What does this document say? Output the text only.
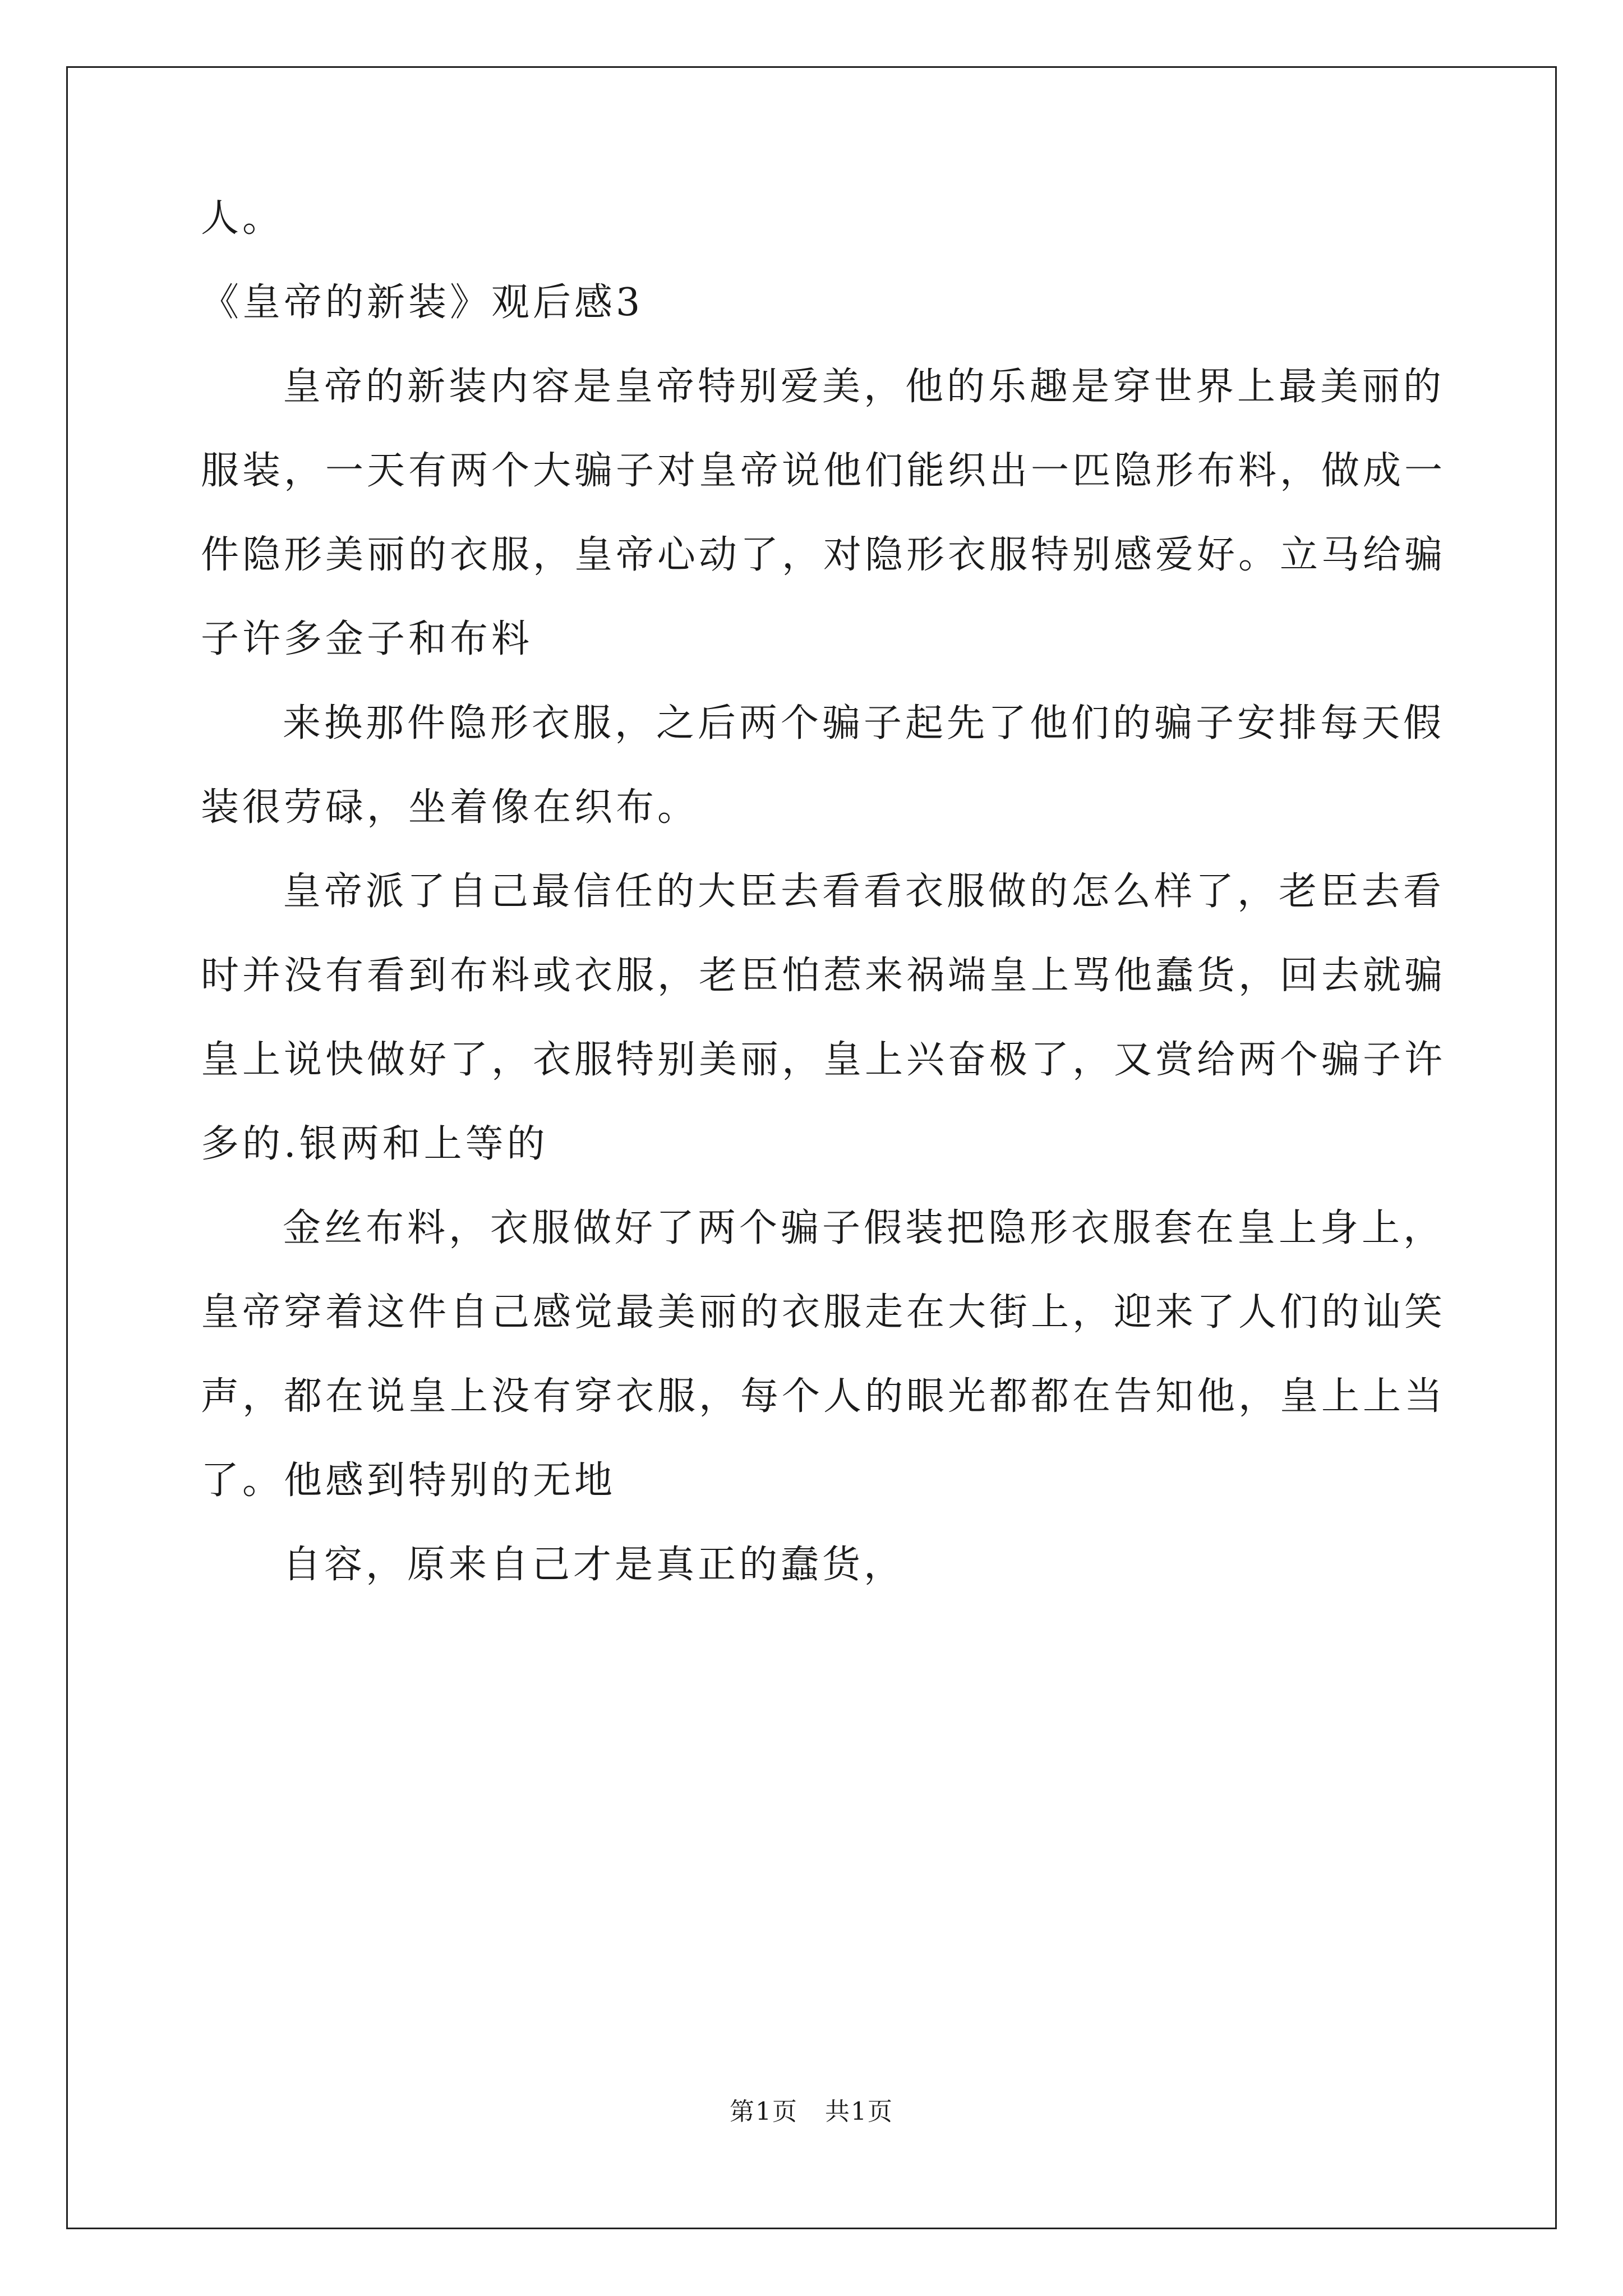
人。
《皇帝的新装》观后感3
皇帝的新装内容是皇帝特别爱美，他的乐趣是穿世界上最美丽的
服装，一天有两个大骗子对皇帝说他们能织出一匹隐形布料，做成一
件隐形美丽的衣服，皇帝心动了，对隐形衣服特别感爱好。立马给骗
子许多金子和布料
来换那件隐形衣服，之后两个骗子起先了他们的骗子安排每天假
装很劳碌，坐着像在织布。
皇帝派了自己最信任的大臣去看看衣服做的怎么样了，老臣去看
时并没有看到布料或衣服，老臣怕惹来祸端皇上骂他蠢货，回去就骗
皇上说快做好了，衣服特别美丽，皇上兴奋极了，又赏给两个骗子许
多的.银两和上等的
金丝布料，衣服做好了两个骗子假装把隐形衣服套在皇上身上，
皇帝穿着这件自己感觉最美丽的衣服走在大街上，迎来了人们的讪笑
声，都在说皇上没有穿衣服，每个人的眼光都都在告知他，皇上上当
了。他感到特别的无地
自容，原来自己才是真正的蠢货，
第1页   共1页
